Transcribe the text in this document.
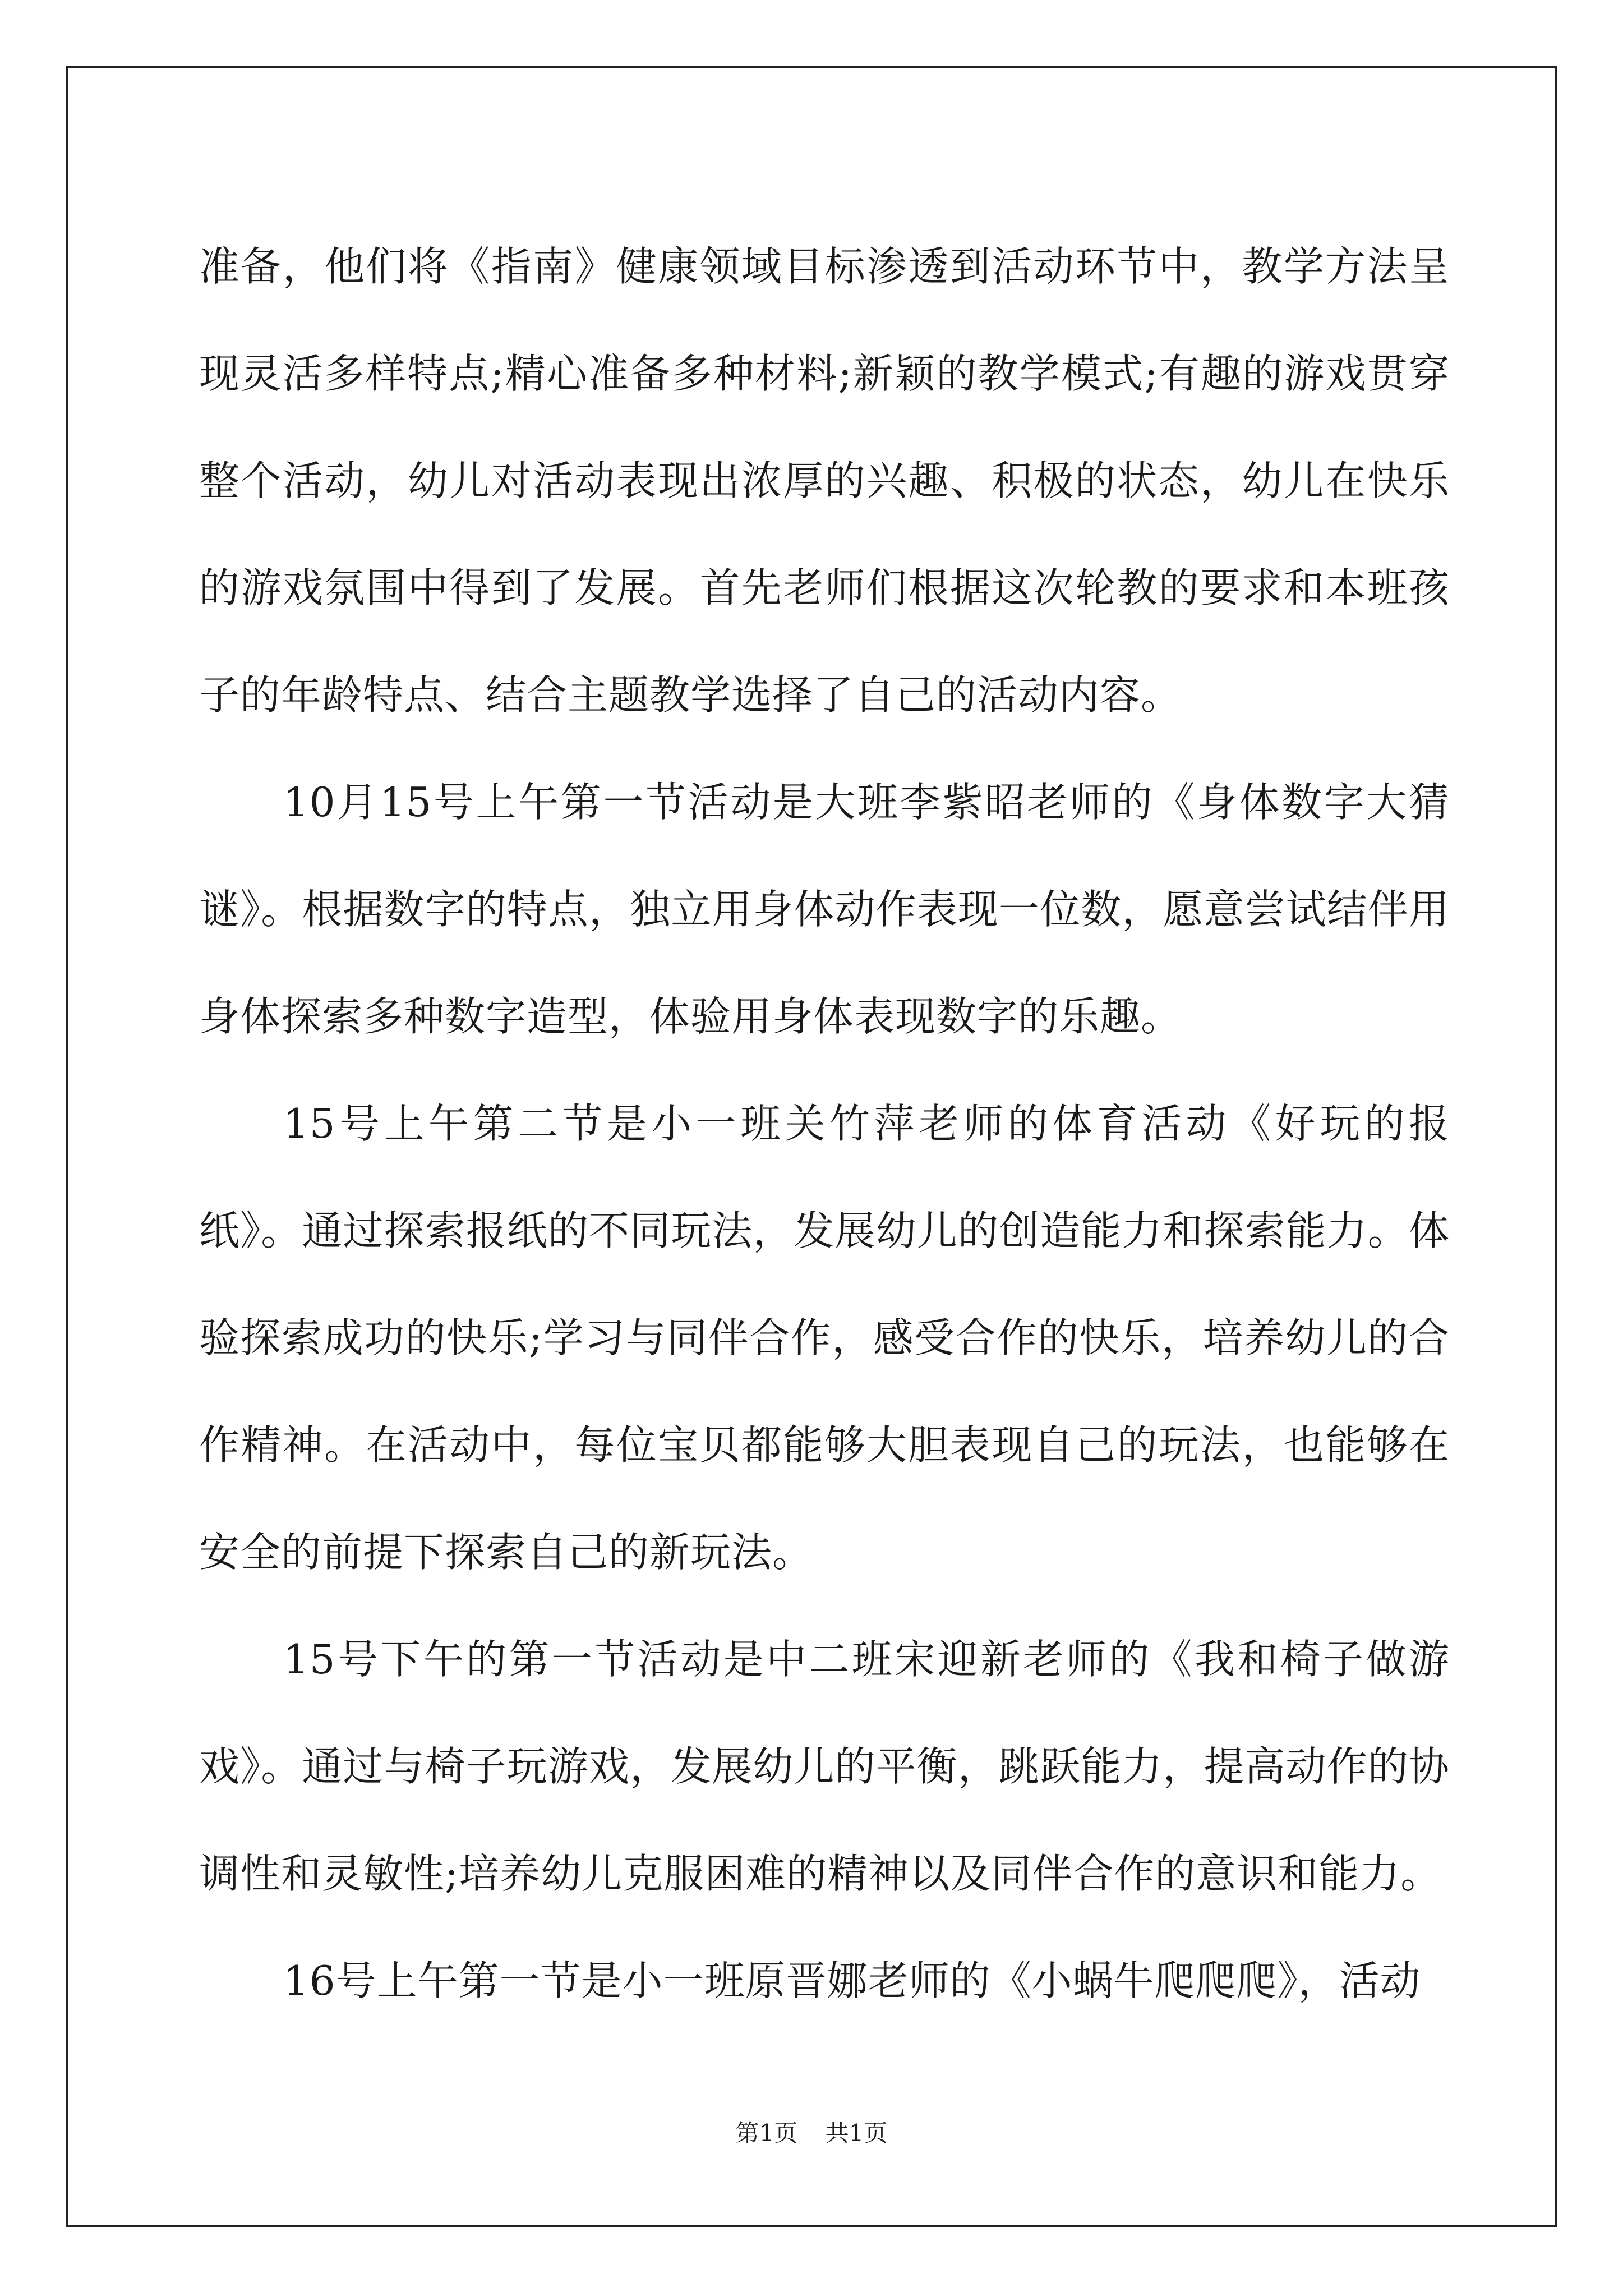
准备，他们将《指南》健康领域目标渗透到活动环节中，教学方法呈现灵活多样特点;精心准备多种材料;新颖的教学模式;有趣的游戏贯穿整个活动，幼儿对活动表现出浓厚的兴趣、积极的状态，幼儿在快乐的游戏氛围中得到了发展。首先老师们根据这次轮教的要求和本班孩子的年龄特点、结合主题教学选择了自己的活动内容。

10月15号上午第一节活动是大班李紫昭老师的《身体数字大猜谜》。根据数字的特点，独立用身体动作表现一位数，愿意尝试结伴用身体探索多种数字造型，体验用身体表现数字的乐趣。

15号上午第二节是小一班关竹萍老师的体育活动《好玩的报纸》。通过探索报纸的不同玩法，发展幼儿的创造能力和探索能力。体验探索成功的快乐;学习与同伴合作，感受合作的快乐，培养幼儿的合作精神。在活动中，每位宝贝都能够大胆表现自己的玩法，也能够在安全的前提下探索自己的新玩法。

15号下午的第一节活动是中二班宋迎新老师的《我和椅子做游戏》。通过与椅子玩游戏，发展幼儿的平衡，跳跃能力，提高动作的协调性和灵敏性;培养幼儿克服困难的精神以及同伴合作的意识和能力。

16号上午第一节是小一班原晋娜老师的《小蜗牛爬爬爬》，活动

第1页 共1页
